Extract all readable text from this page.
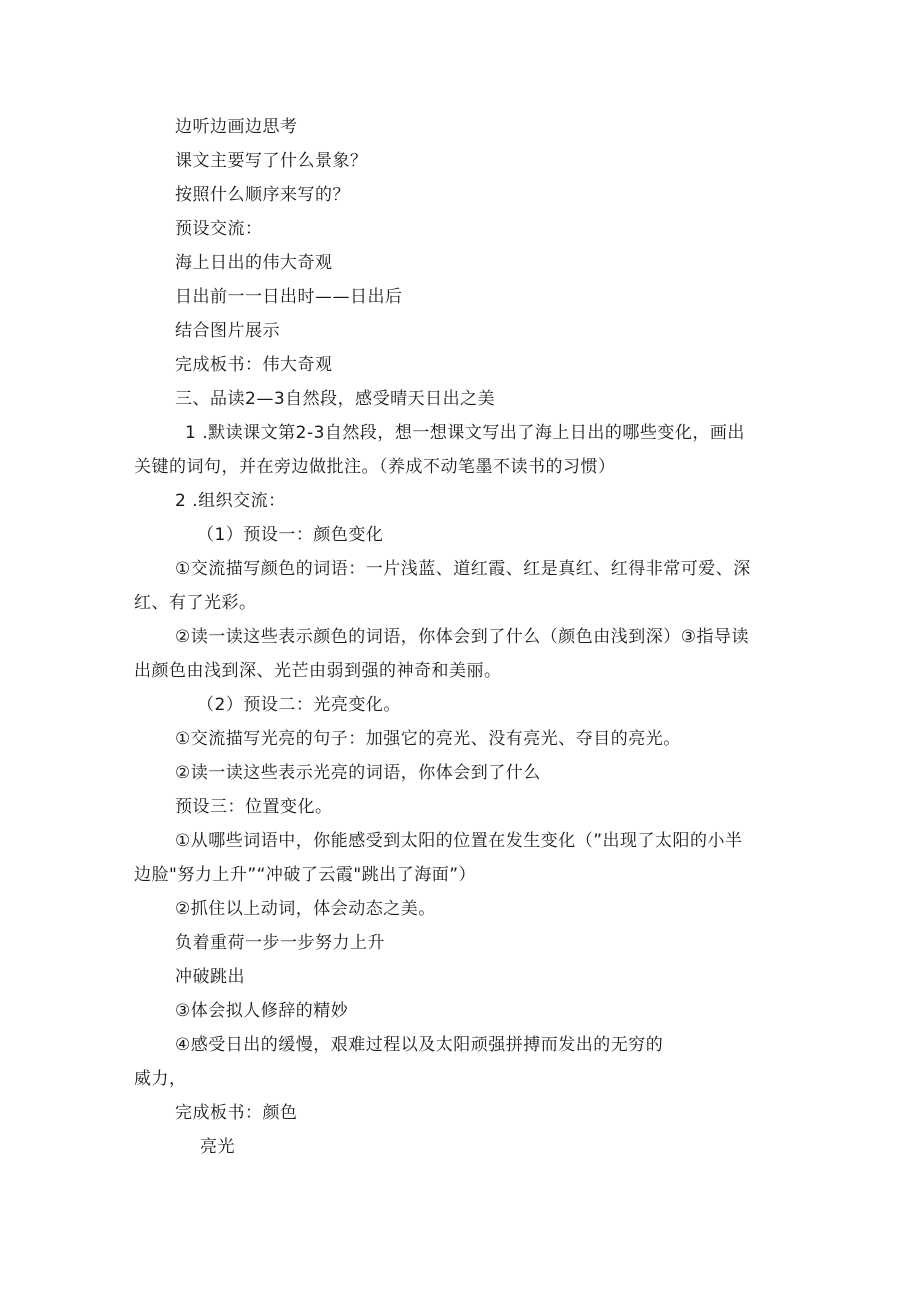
边听边画边思考
课文主要写了什么景象？
按照什么顺序来写的？
预设交流：
海上日出的伟大奇观
日出前一一日出时——日出后
结合图片展示
完成板书：伟大奇观
三、品读2—3自然段，感受晴天日出之美
1 .默读课文第2-3自然段，想一想课文写出了海上日出的哪些变化，画出
关键的词句，并在旁边做批注。（养成不动笔墨不读书的习惯）
2 .组织交流：
（1）预设一：颜色变化
①交流描写颜色的词语：一片浅蓝、道红霞、红是真红、红得非常可爱、深
红、有了光彩。
②读一读这些表示颜色的词语，你体会到了什么（颜色由浅到深）③指导读
出颜色由浅到深、光芒由弱到强的神奇和美丽。
（2）预设二：光亮变化。
①交流描写光亮的句子：加强它的亮光、没有亮光、夺目的亮光。
②读一读这些表示光亮的词语，你体会到了什么
预设三：位置变化。
①从哪些词语中，你能感受到太阳的位置在发生变化（”出现了太阳的小半
边脸"努力上升”“冲破了云霞"跳出了海面”）
②抓住以上动词，体会动态之美。
负着重荷一步一步努力上升
冲破跳出
③体会拟人修辞的精妙
④感受日出的缓慢，艰难过程以及太阳顽强拼搏而发出的无穷的
威力，
完成板书：颜色
亮光
